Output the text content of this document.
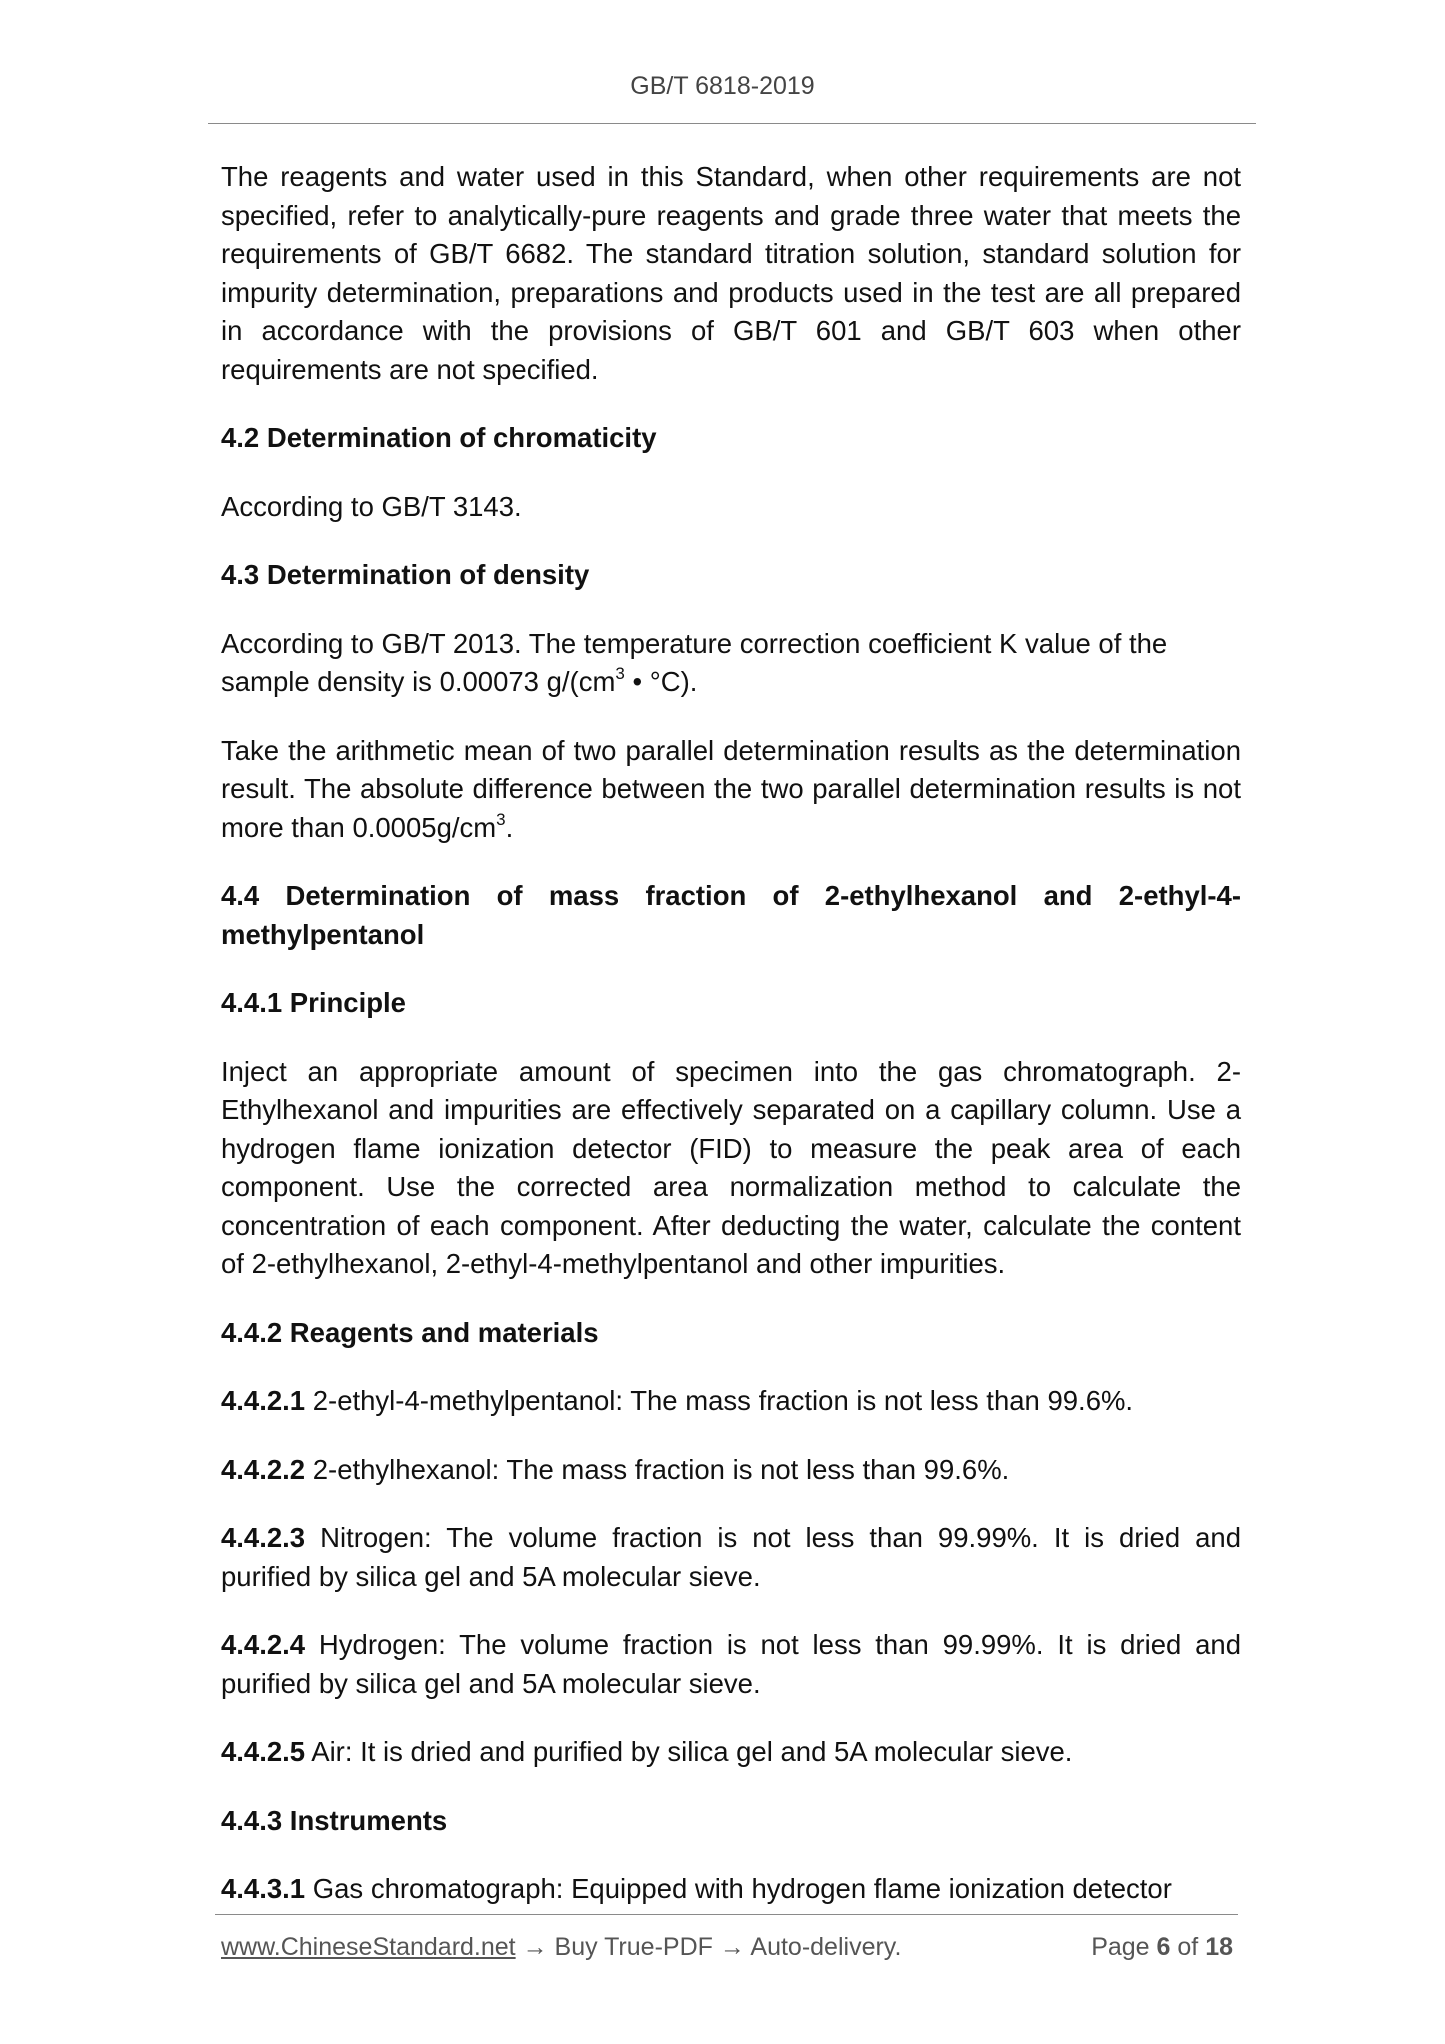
GB/T 6818-2019

The reagents and water used in this Standard, when other requirements are not specified, refer to analytically-pure reagents and grade three water that meets the requirements of GB/T 6682. The standard titration solution, standard solution for impurity determination, preparations and products used in the test are all prepared in accordance with the provisions of GB/T 601 and GB/T 603 when other requirements are not specified.

4.2 Determination of chromaticity

According to GB/T 3143.

4.3 Determination of density

According to GB/T 2013. The temperature correction coefficient K value of the sample density is 0.00073 $g/(cm^3$ • °C).

Take the arithmetic mean of two parallel determination results as the determination result. The absolute difference between the two parallel determination results is not more than $0.0005g/cm^3$.

4.4 Determination of mass fraction of 2-ethylhexanol and 2-ethyl-4-methylpentanol

4.4.1 Principle

Inject an appropriate amount of specimen into the gas chromatograph. 2-Ethylhexanol and impurities are effectively separated on a capillary column. Use a hydrogen flame ionization detector (FID) to measure the peak area of each component. Use the corrected area normalization method to calculate the concentration of each component. After deducting the water, calculate the content of 2-ethylhexanol, 2-ethyl-4-methylpentanol and other impurities.

4.4.2 Reagents and materials

4.4.2.1 2-ethyl-4-methylpentanol: The mass fraction is not less than 99.6%.

4.4.2.2 2-ethylhexanol: The mass fraction is not less than 99.6%.

4.4.2.3 Nitrogen: The volume fraction is not less than 99.99%. It is dried and purified by silica gel and 5A molecular sieve.

4.4.2.4 Hydrogen: The volume fraction is not less than 99.99%. It is dried and purified by silica gel and 5A molecular sieve.

4.4.2.5 Air: It is dried and purified by silica gel and 5A molecular sieve.

4.4.3 Instruments

4.4.3.1 Gas chromatograph: Equipped with hydrogen flame ionization detector

www.ChineseStandard.net → Buy True-PDF → Auto-delivery.	Page 6 of 18
